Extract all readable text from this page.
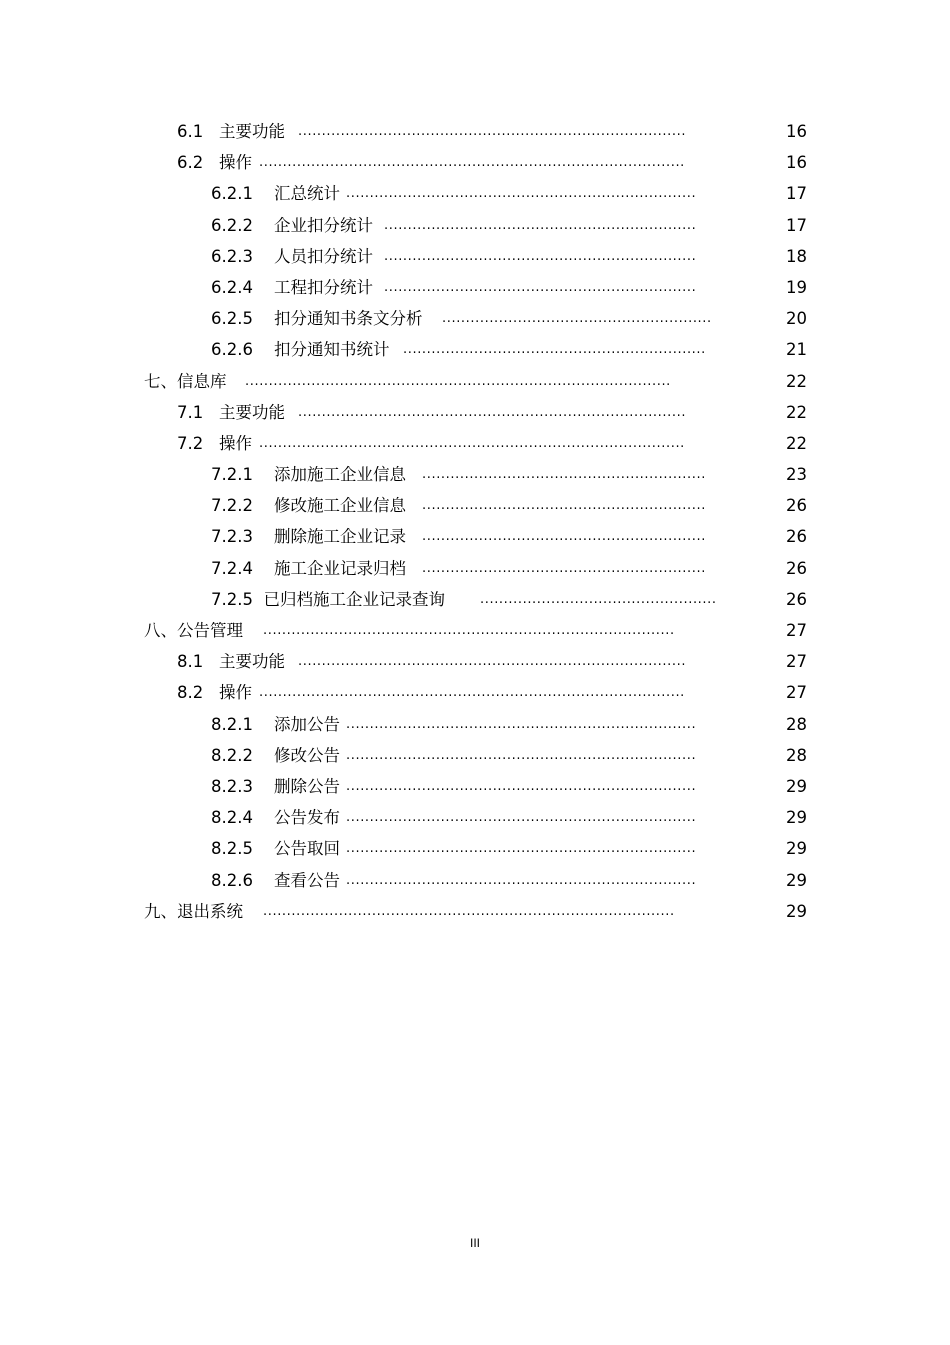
6.1 主要功能 ..................................................................................	16
6.2 操作 ..........................................................................................	16
6.2.1 汇总统计 ..........................................................................	17
6.2.2 企业扣分统计 ..................................................................	17
6.2.3 人员扣分统计 ..................................................................	18
6.2.4 工程扣分统计 ..................................................................	19
6.2.5 扣分通知书条文分析 .........................................................	20
6.2.6 扣分通知书统计 ................................................................	21
七、信息库 ..........................................................................................	22
7.1 主要功能 ..................................................................................	22
7.2 操作 ..........................................................................................	22
7.2.1 添加施工企业信息 ............................................................	23
7.2.2 修改施工企业信息 ............................................................	26
7.2.3 删除施工企业记录 ............................................................	26
7.2.4 施工企业记录归档 ............................................................	26
7.2.5 已归档施工企业记录查询	..................................................	26
八、公告管理 .......................................................................................	27
8.1 主要功能 ..................................................................................	27
8.2 操作 ..........................................................................................	27
8.2.1 添加公告 ..........................................................................	28
8.2.2 修改公告 ..........................................................................	28
8.2.3 删除公告 ..........................................................................	29
8.2.4 公告发布 ..........................................................................	29
8.2.5 公告取回 ..........................................................................	29
8.2.6 查看公告 ..........................................................................	29
九、退出系统 .......................................................................................	29
III
